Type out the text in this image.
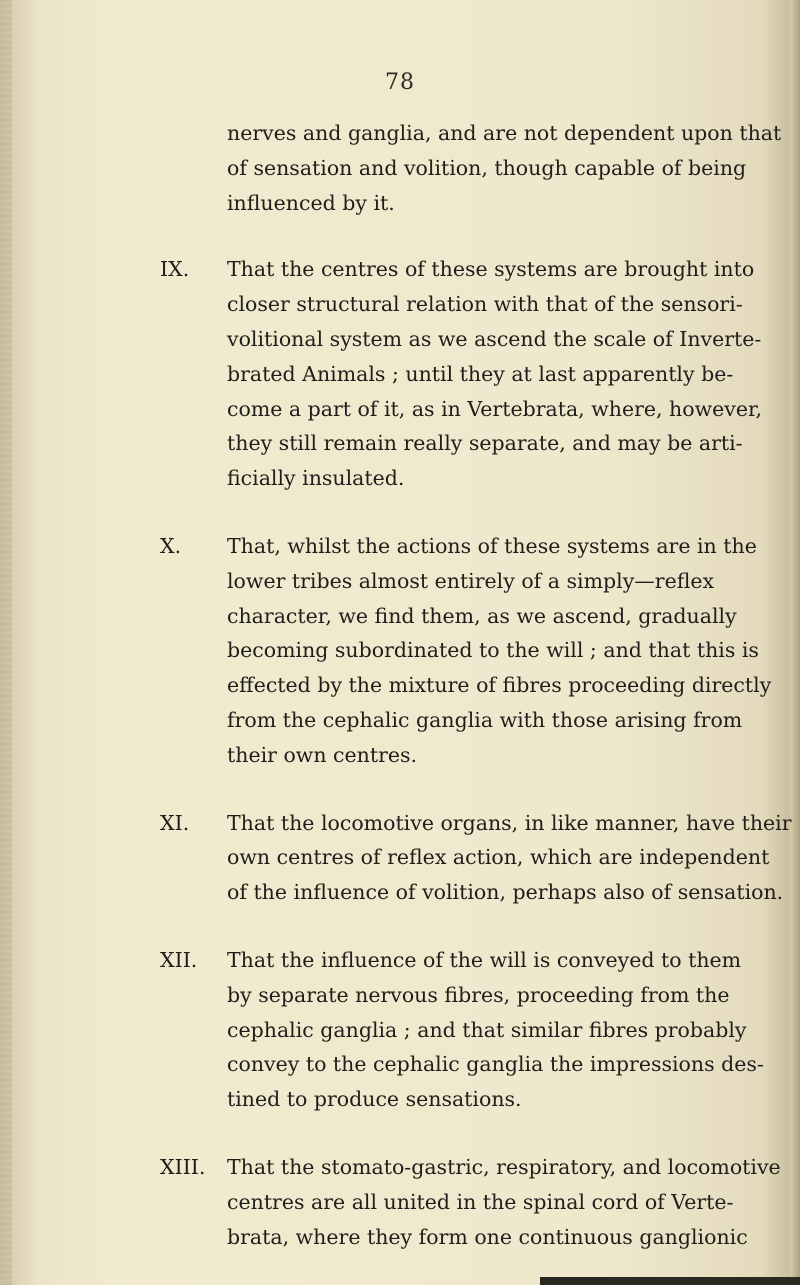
78
nerves and ganglia, and are not dependent upon that
of sensation and volition, though capable of being
influenced by it.
IX. That the centres of these systems are brought into
closer structural relation with that of the sensori-
volitional system as we ascend the scale of Inverte-
brated Animals ; until they at last apparently be-
come a part of it, as in Vertebrata, where, however,
they still remain really separate, and may be arti-
ficially insulated.
X. That, whilst the actions of these systems are in the
lower tribes almost entirely of a simply—reflex
character, we find them, as we ascend, gradually
becoming subordinated to the will ; and that this is
effected by the mixture of fibres proceeding directly
from the cephalic ganglia with those arising from
their own centres.
XI. That the locomotive organs, in like manner, have their
own centres of reflex action, which are independent
of the influence of volition, perhaps also of sensation.
XII. That the influence of the will is conveyed to them
by separate nervous fibres, proceeding from the
cephalic ganglia ; and that similar fibres probably
convey to the cephalic ganglia the impressions des-
tined to produce sensations.
XIII. That the stomato-gastric, respiratory, and locomotive
centres are all united in the spinal cord of Verte-
brata, where they form one continuous ganglionic
